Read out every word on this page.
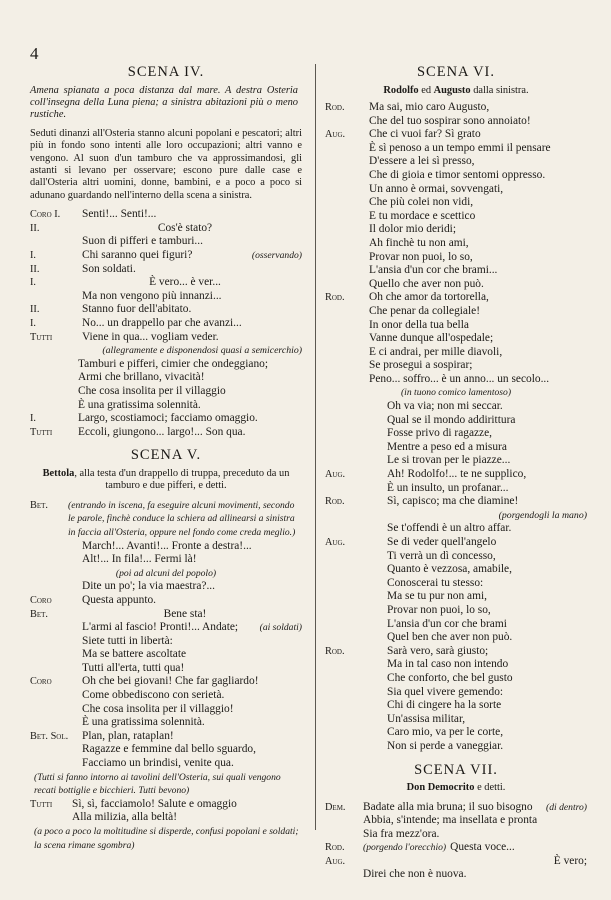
4
SCENA IV.
Amena spianata a poca distanza dal mare. A destra Osteria coll'insegna della Luna piena; a sinistra abitazioni più o meno rustiche.
Seduti dinanzi all'Osteria stanno alcuni popolani e pescatori; altri più in fondo sono intenti alle loro occupazioni; altri vanno e vengono. Al suon d'un tamburo che va approssimandosi, gli astanti si levano per osservare; escono pure dalle case e dall'Osteria altri uomini, donne, bambini, e a poco a poco si adunano guardando nell'interno della scena a sinistra.
Coro I.	Senti!... Senti!...
II.	Cos'è stato?
Suon di pifferi e tamburi...
I.	Chi saranno quei figuri?	(osservando)
II.	Son soldati.
I.	È vero... è ver...
Ma non vengono più innanzi...
II.	Stanno fuor dell'abitato.
I.	No... un drappello par che avanzi...
Tutti	Viene in qua... vogliam veder.
(allegramente e disponendosi quasi a semicerchio)
Tamburi e pifferi, cimier che ondeggiano;
Armi che brillano, vivacità!
Che cosa insolita per il villaggio
È una gratissima solennità.
I.	Largo, scostiamoci; facciamo omaggio.
Tutti	Eccoli, giungono... largo!... Son qua.
SCENA V.
Bettola, alla testa d'un drappello di truppa, preceduto da un tamburo e due pifferi, e detti.
Bet.	(entrando in iscena, fa eseguire alcuni movimenti, secondo le parole, finchè conduce la schiera ad allinearsi a sinistra in faccia all'Osteria, oppure nel fondo come creda meglio.)
March!... Avanti!... Fronte a destra!...
Alt!... In fila!... Fermi là!
(poi ad alcuni del popolo)
Dite un po'; la via maestra?...
Coro	Questa appunto.
Bet.	Bene sta!
L'armi al fascio! Pronti!... Andate;	(ai soldati)
Siete tutti in libertà:
Ma se battere ascoltate
Tutti all'erta, tutti qua!
Coro	Oh che bei giovani! Che far gagliardo!
Come obbediscono con serietà.
Che cosa insolita per il villaggio!
È una gratissima solennità.
Bet. Sol.	Plan, plan, rataplan!
Ragazze e femmine dal bello sguardo,
Facciamo un brindisi, venite qua.
(Tutti si fanno intorno ai tavolini dell'Osteria, sui quali vengono recati bottiglie e bicchieri. Tutti bevono)
Tutti	Sì, sì, facciamolo! Salute e omaggio
Alla milizia, alla beltà!
(a poco a poco la moltitudine si disperde, confusi popolani e soldati; la scena rimane sgombra)
SCENA VI.
Rodolfo ed Augusto dalla sinistra.
Rod.	Ma sai, mio caro Augusto,
Che del tuo sospirar sono annoiato!
Aug.	Che ci vuoi far? Sì grato
È sì penoso a un tempo emmi il pensare
D'essere a lei sì presso,
Che di gioia e timor sentomi oppresso.
Un anno è ormai, sovvengati,
Che più colei non vidi,
E tu mordace e scettico
Il dolor mio deridi;
Ah finchè tu non ami,
Provar non puoi, lo so,
L'ansia d'un cor che brami...
Quello che aver non può.
Rod.	Oh che amor da tortorella,
Che penar da collegiale!
In onor della tua bella
Vanne dunque all'ospedale;
E ci andrai, per mille diavoli,
Se prosegui a sospirar;
Peno... soffro... è un anno... un secolo...
(in tuono comico lamentoso)
Oh va via; non mi seccar.
Qual se il mondo addirittura
Fosse privo di ragazze,
Mentre a peso ed a misura
Le si trovan per le piazze...
Aug.	Ah! Rodolfo!... te ne supplico,
È un insulto, un profanar...
Rod.	Sì, capisco; ma che diamine!
(porgendogli la mano)
Se t'offendi è un altro affar.
Aug.	Se di veder quell'angelo
Ti verrà un dì concesso,
Quanto è vezzosa, amabile,
Conoscerai tu stesso:
Ma se tu pur non ami,
Provar non puoi, lo so,
L'ansia d'un cor che brami
Quel ben che aver non può.
Rod.	Sarà vero, sarà giusto;
Ma in tal caso non intendo
Che conforto, che bel gusto
Sia quel vivere gemendo:
Chi di cingere ha la sorte
Un'assisa militar,
Caro mio, va per le corte,
Non si perde a vaneggiar.
SCENA VII.
Don Democrito e detti.
Dem.	Badate alla mia bruna; il suo bisogno	(di dentro)
Abbia, s'intende; ma insellata e pronta
Sia fra mezz'ora.
Rod.	(porgendo l'orecchio) Questa voce...
Aug.	È vero;
Direi che non è nuova.
